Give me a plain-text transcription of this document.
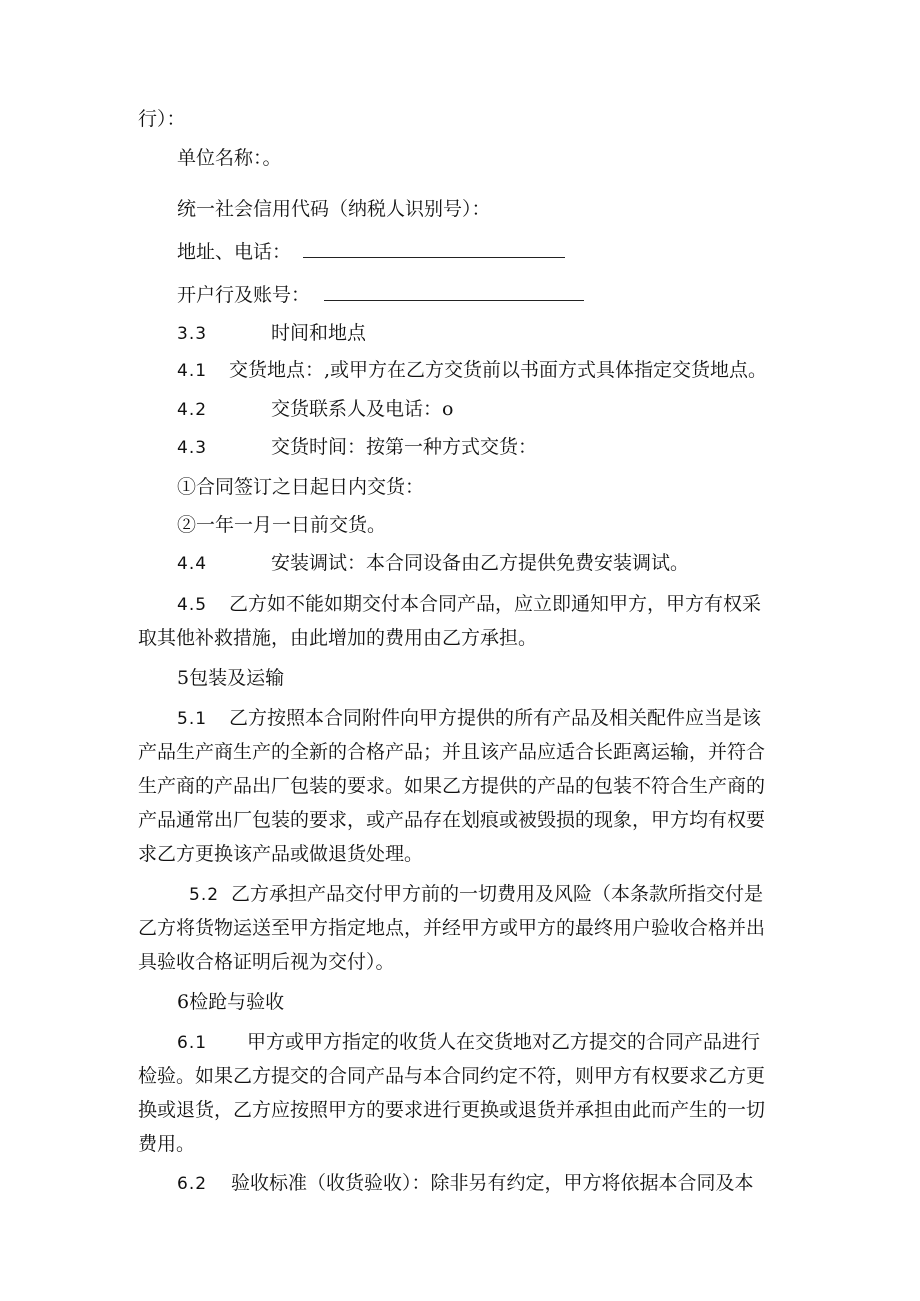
行）：
单位名称：。
统一社会信用代码（纳税人识别号）：
地址、电话：
开户行及账号：
3.3	时间和地点
4.1 交货地点：,或甲方在乙方交货前以书面方式具体指定交货地点。
4.2	交货联系人及电话：o
4.3	交货时间：按第一种方式交货：
①合同签订之日起日内交货：
②一年一月一日前交货。
4.4	安装调试：本合同设备由乙方提供免费安装调试。
4.5 乙方如不能如期交付本合同产品，应立即通知甲方，甲方有权采
取其他补救措施，由此增加的费用由乙方承担。
5包装及运输
5.1 乙方按照本合同附件向甲方提供的所有产品及相关配件应当是该
产品生产商生产的全新的合格产品；并且该产品应适合长距离运输，并符合
生产商的产品出厂包装的要求。如果乙方提供的产品的包装不符合生产商的
产品通常出厂包装的要求，或产品存在划痕或被毁损的现象，甲方均有权要
求乙方更换该产品或做退货处理。
5.2 乙方承担产品交付甲方前的一切费用及风险（本条款所指交付是
乙方将货物运送至甲方指定地点，并经甲方或甲方的最终用户验收合格并出
具验收合格证明后视为交付）。
6检跄与验收
6.1 甲方或甲方指定的收货人在交货地对乙方提交的合同产品进行
检验。如果乙方提交的合同产品与本合同约定不符，则甲方有权要求乙方更
换或退货，乙方应按照甲方的要求进行更换或退货并承担由此而产生的一切
费用。
6.2 验收标准（收货验收）：除非另有约定，甲方将依据本合同及本
